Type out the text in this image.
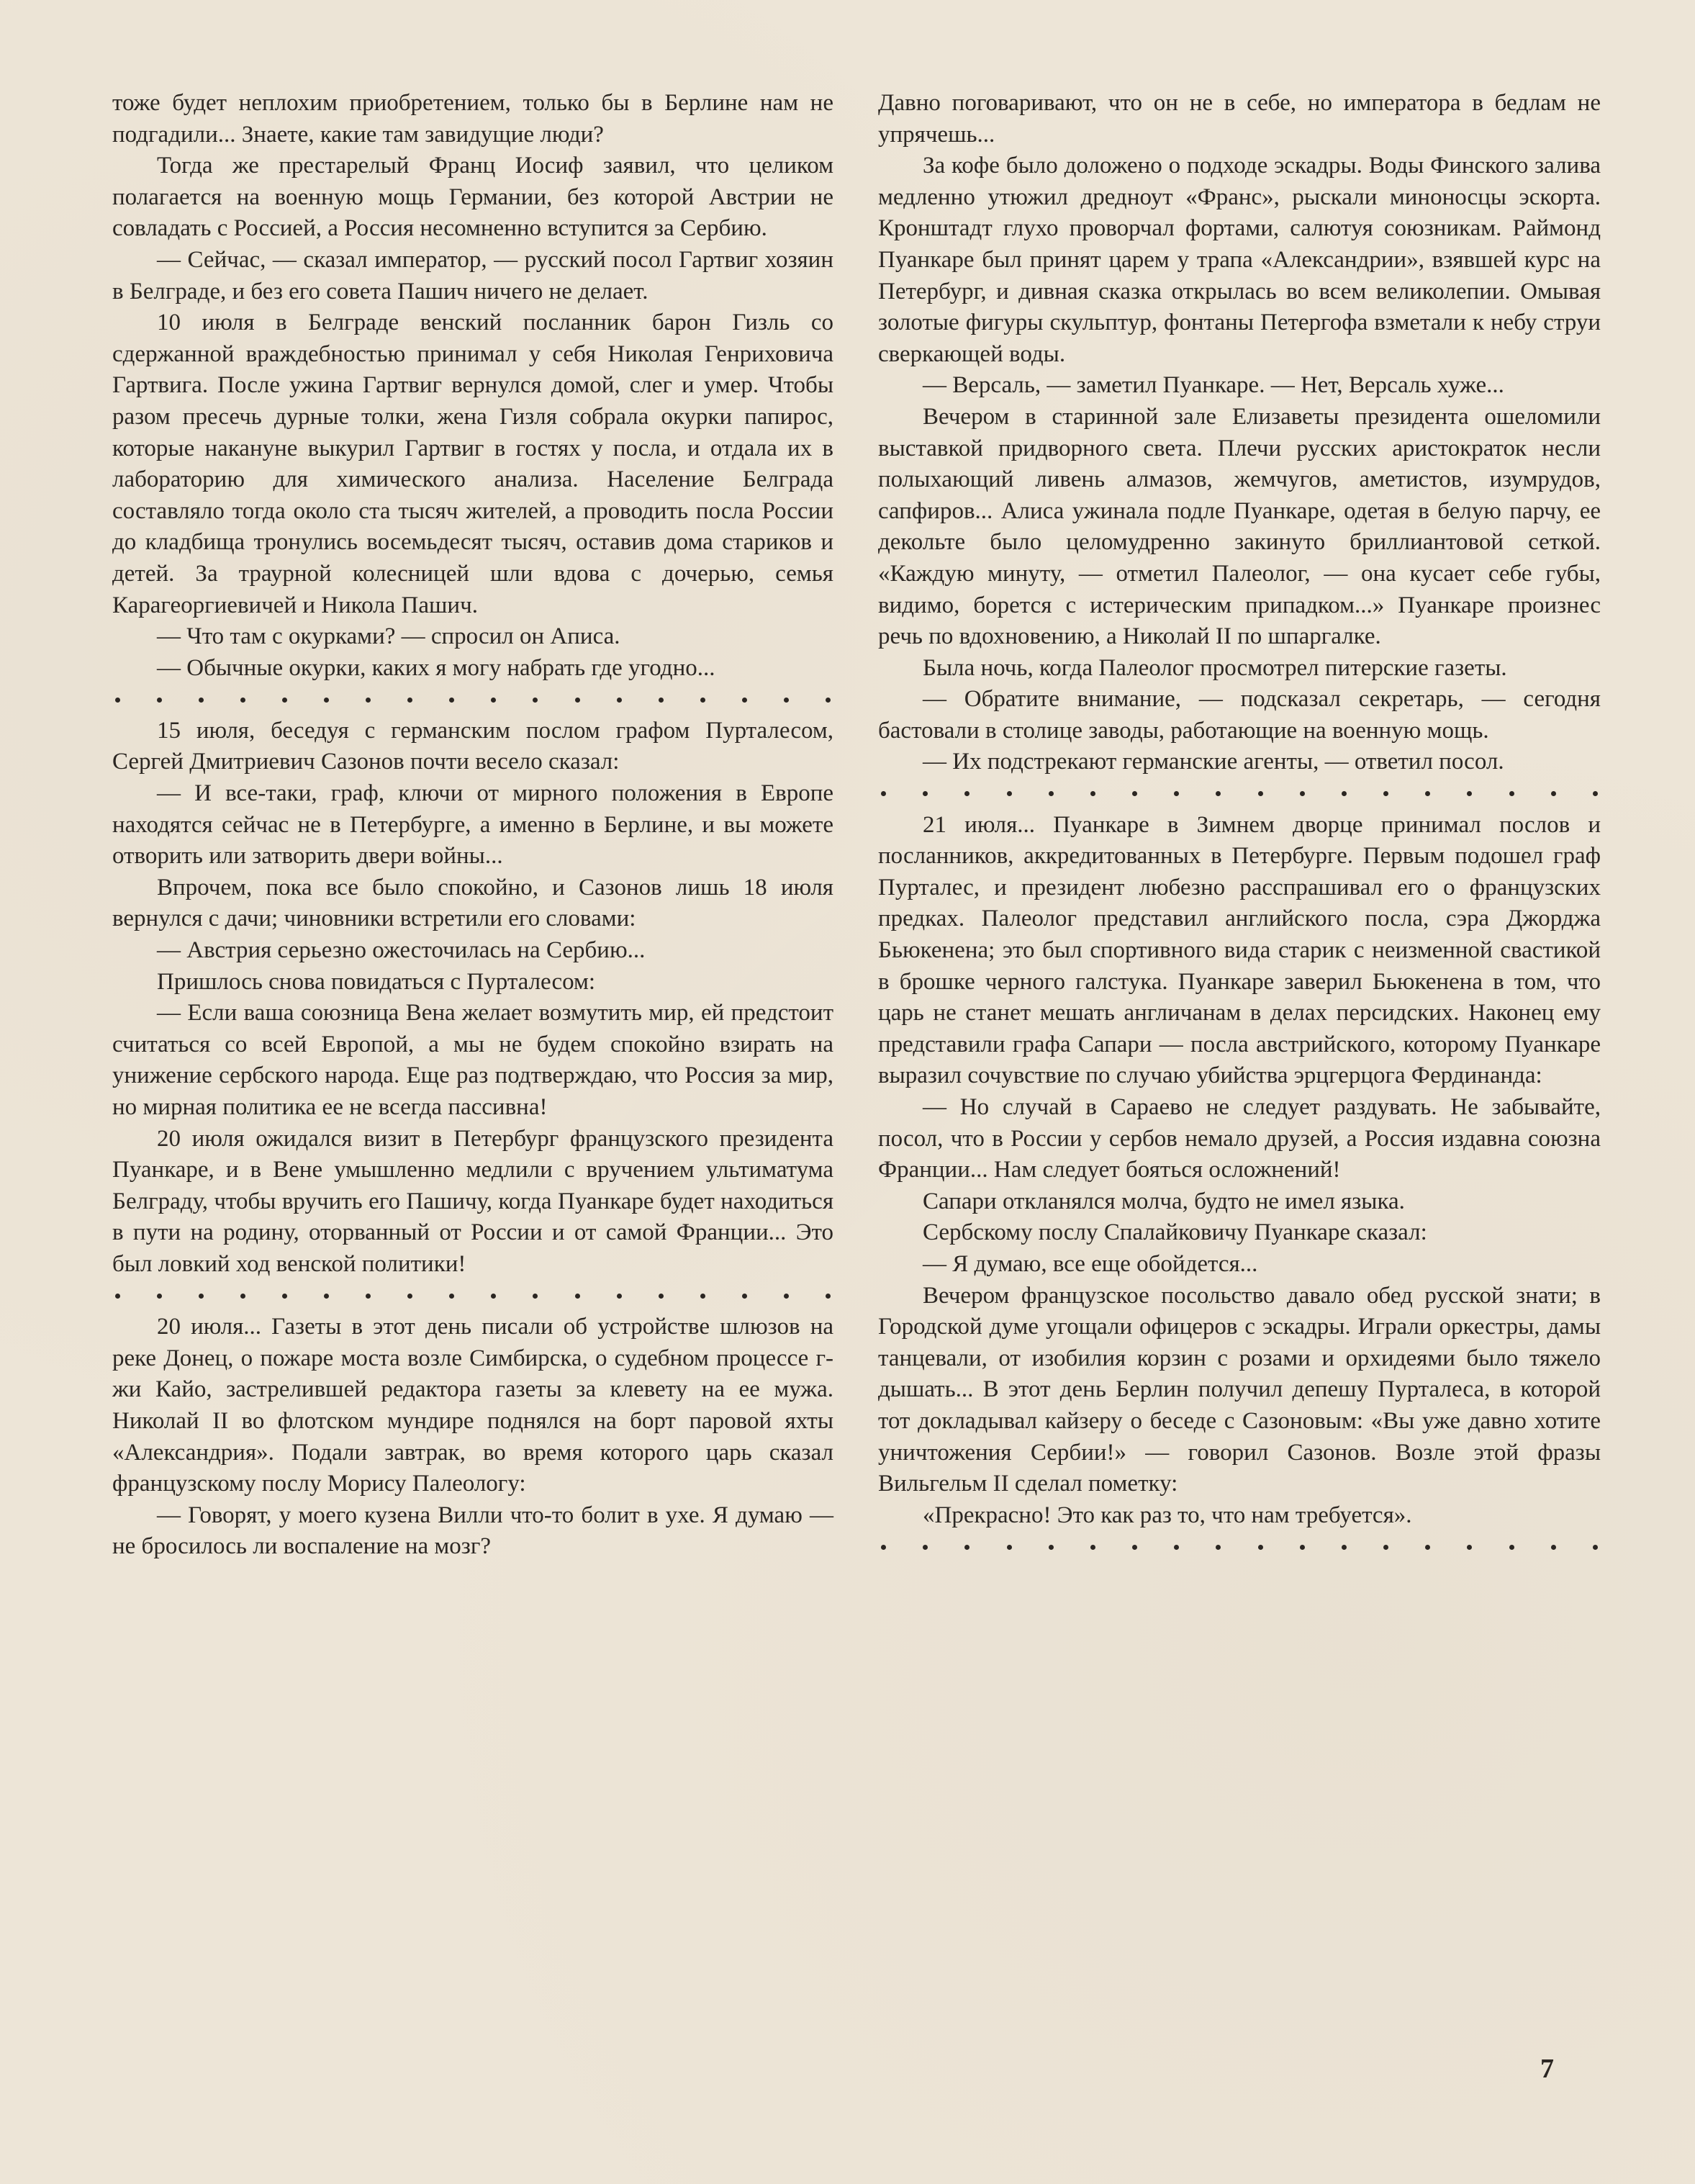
тоже будет неплохим приобретением, только бы в Берлине нам не подгадили... Знаете, какие там завидущие люди?

Тогда же престарелый Франц Иосиф заявил, что целиком полагается на военную мощь Германии, без которой Австрии не совладать с Россией, а Россия несомненно вступится за Сербию.

— Сейчас, — сказал император, — русский посол Гартвиг хозяин в Белграде, и без его совета Пашич ничего не делает.

10 июля в Белграде венский посланник барон Гизль со сдержанной враждебностью принимал у себя Николая Генриховича Гартвига. После ужина Гартвиг вернулся домой, слег и умер. Чтобы разом пресечь дурные толки, жена Гизля собрала окурки папирос, которые накануне выкурил Гартвиг в гостях у посла, и отдала их в лабораторию для химического анализа. Население Белграда составляло тогда около ста тысяч жителей, а проводить посла России до кладбища тронулись восемьдесят тысяч, оставив дома стариков и детей. За траурной колесницей шли вдова с дочерью, семья Карагеоргиевичей и Никола Пашич.

— Что там с окурками? — спросил он Аписа.

— Обычные окурки, каких я могу набрать где угодно...

15 июля, беседуя с германским послом графом Пурталесом, Сергей Дмитриевич Сазонов почти весело сказал:

— И все-таки, граф, ключи от мирного положения в Европе находятся сейчас не в Петербурге, а именно в Берлине, и вы можете отворить или затворить двери войны...

Впрочем, пока все было спокойно, и Сазонов лишь 18 июля вернулся с дачи; чиновники встретили его словами:

— Австрия серьезно ожесточилась на Сербию...

Пришлось снова повидаться с Пурталесом:

— Если ваша союзница Вена желает возмутить мир, ей предстоит считаться со всей Европой, а мы не будем спокойно взирать на унижение сербского народа. Еще раз подтверждаю, что Россия за мир, но мирная политика ее не всегда пассивна!

20 июля ожидался визит в Петербург французского президента Пуанкаре, и в Вене умышленно медлили с вручением ультиматума Белграду, чтобы вручить его Пашичу, когда Пуанкаре будет находиться в пути на родину, оторванный от России и от самой Франции... Это был ловкий ход венской политики!

20 июля... Газеты в этот день писали об устройстве шлюзов на реке Донец, о пожаре моста возле Симбирска, о судебном процессе г-жи Кайо, застрелившей редактора газеты за клевету на ее мужа. Николай II во флотском мундире поднялся на борт паровой яхты «Александрия». Подали завтрак, во время которого царь сказал французскому послу Морису Палеологу:

— Говорят, у моего кузена Вилли что-то болит в ухе. Я думаю — не бросилось ли воспаление на мозг?

Давно поговаривают, что он не в себе, но императора в бедлам не упрячешь...

За кофе было доложено о подходе эскадры. Воды Финского залива медленно утюжил дредноут «Франс», рыскали миноносцы эскорта. Кронштадт глухо проворчал фортами, салютуя союзникам. Раймонд Пуанкаре был принят царем у трапа «Александрии», взявшей курс на Петербург, и дивная сказка открылась во всем великолепии. Омывая золотые фигуры скульптур, фонтаны Петергофа взметали к небу струи сверкающей воды.

— Версаль, — заметил Пуанкаре. — Нет, Версаль хуже...

Вечером в старинной зале Елизаветы президента ошеломили выставкой придворного света. Плечи русских аристократок несли полыхающий ливень алмазов, жемчугов, аметистов, изумрудов, сапфиров... Алиса ужинала подле Пуанкаре, одетая в белую парчу, ее декольте было целомудренно закинуто бриллиантовой сеткой. «Каждую минуту, — отметил Палеолог, — она кусает себе губы, видимо, борется с истерическим припадком...» Пуанкаре произнес речь по вдохновению, а Николай II по шпаргалке.

Была ночь, когда Палеолог просмотрел питерские газеты.

— Обратите внимание, — подсказал секретарь, — сегодня бастовали в столице заводы, работающие на военную мощь.

— Их подстрекают германские агенты, — ответил посол.

21 июля... Пуанкаре в Зимнем дворце принимал послов и посланников, аккредитованных в Петербурге. Первым подошел граф Пурталес, и президент любезно расспрашивал его о французских предках. Палеолог представил английского посла, сэра Джорджа Бьюкенена; это был спортивного вида старик с неизменной свастикой в брошке черного галстука. Пуанкаре заверил Бьюкенена в том, что царь не станет мешать англичанам в делах персидских. Наконец ему представили графа Сапари — посла австрийского, которому Пуанкаре выразил сочувствие по случаю убийства эрцгерцога Фердинанда:

— Но случай в Сараево не следует раздувать. Не забывайте, посол, что в России у сербов немало друзей, а Россия издавна союзна Франции... Нам следует бояться осложнений!

Сапари откланялся молча, будто не имел языка.

Сербскому послу Спалайковичу Пуанкаре сказал:

— Я думаю, все еще обойдется...

Вечером французское посольство давало обед русской знати; в Городской думе угощали офицеров с эскадры. Играли оркестры, дамы танцевали, от изобилия корзин с розами и орхидеями было тяжело дышать... В этот день Берлин получил депешу Пурталеса, в которой тот докладывал кайзеру о беседе с Сазоновым: «Вы уже давно хотите уничтожения Сербии!» — говорил Сазонов. Возле этой фразы Вильгельм II сделал пометку:

«Прекрасно! Это как раз то, что нам требуется».

7
